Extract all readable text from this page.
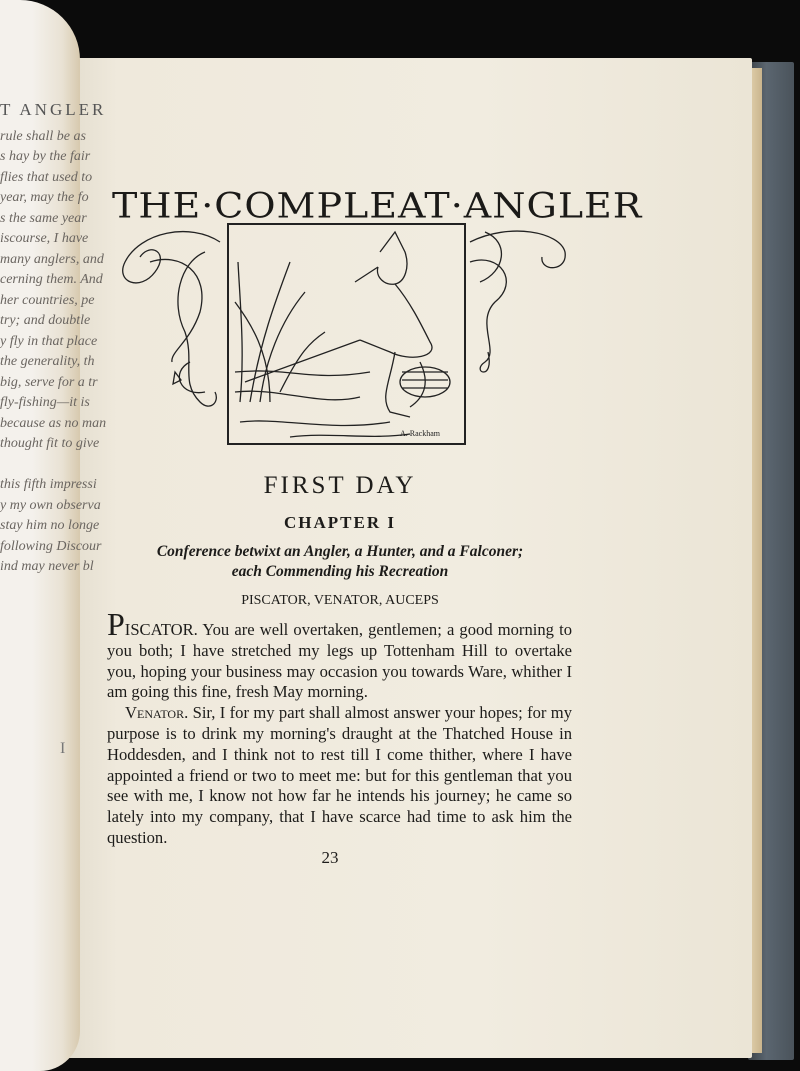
T ANGLER
rule shall be as
s hay by the fair
flies that used to
year, may the fo
s the same year
iscourse, I have
many anglers, and
cerning them. And
her countries, pe
try; and doubtle
y fly in that place
the generality, th
big, serve for a tr
fly-fishing—it is
because as no man
thought fit to give

this fifth impressi
y my own observa
stay him no longe
following Discour
ind may never bl
I
THE·COMPLEAT·ANGLER
A. Rackham
FIRST DAY
CHAPTER I
Conference betwixt an Angler, a Hunter, and a Falconer;
each Commending his Recreation
PISCATOR, VENATOR, AUCEPS

PISCATOR. You are well overtaken, gentlemen; a good morning to you both; I have stretched my legs up Tottenham Hill to overtake you, hoping your business may occasion you towards Ware, whither I am going this fine, fresh May morning.

Venator. Sir, I for my part shall almost answer your hopes; for my purpose is to drink my morning's draught at the Thatched House in Hoddesden, and I think not to rest till I come thither, where I have appointed a friend or two to meet me: but for this gentleman that you see with me, I know not how far he intends his journey; he came so lately into my company, that I have scarce had time to ask him the question.

23
